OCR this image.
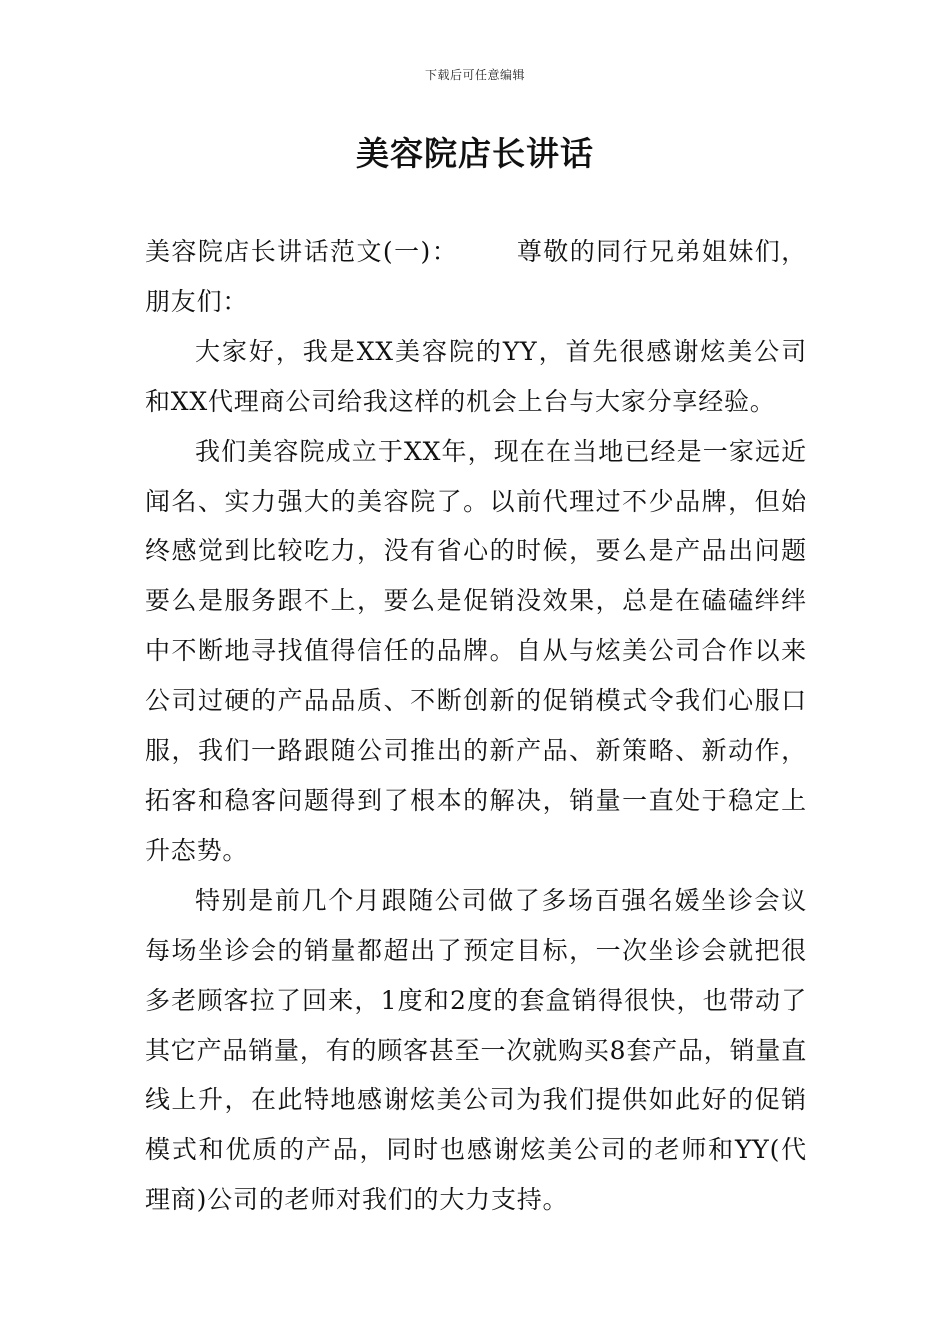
下载后可任意编辑
美容院店长讲话

美容院店长讲话范文(一)： 尊敬的同行兄弟姐妹们，朋友们：

大家好，我是XX美容院的YY，首先很感谢炫美公司和XX代理商公司给我这样的机会上台与大家分享经验。

我们美容院成立于XX年，现在在当地已经是一家远近闻名、实力强大的美容院了。以前代理过不少品牌，但始终感觉到比较吃力，没有省心的时候，要么是产品出问题要么是服务跟不上，要么是促销没效果，总是在磕磕绊绊中不断地寻找值得信任的品牌。自从与炫美公司合作以来公司过硬的产品品质、不断创新的促销模式令我们心服口服，我们一路跟随公司推出的新产品、新策略、新动作，拓客和稳客问题得到了根本的解决，销量一直处于稳定上升态势。

特别是前几个月跟随公司做了多场百强名媛坐诊会议每场坐诊会的销量都超出了预定目标，一次坐诊会就把很多老顾客拉了回来，1度和2度的套盒销得很快，也带动了其它产品销量，有的顾客甚至一次就购买8套产品，销量直线上升，在此特地感谢炫美公司为我们提供如此好的促销模式和优质的产品，同时也感谢炫美公司的老师和YY(代理商)公司的老师对我们的大力支持。
